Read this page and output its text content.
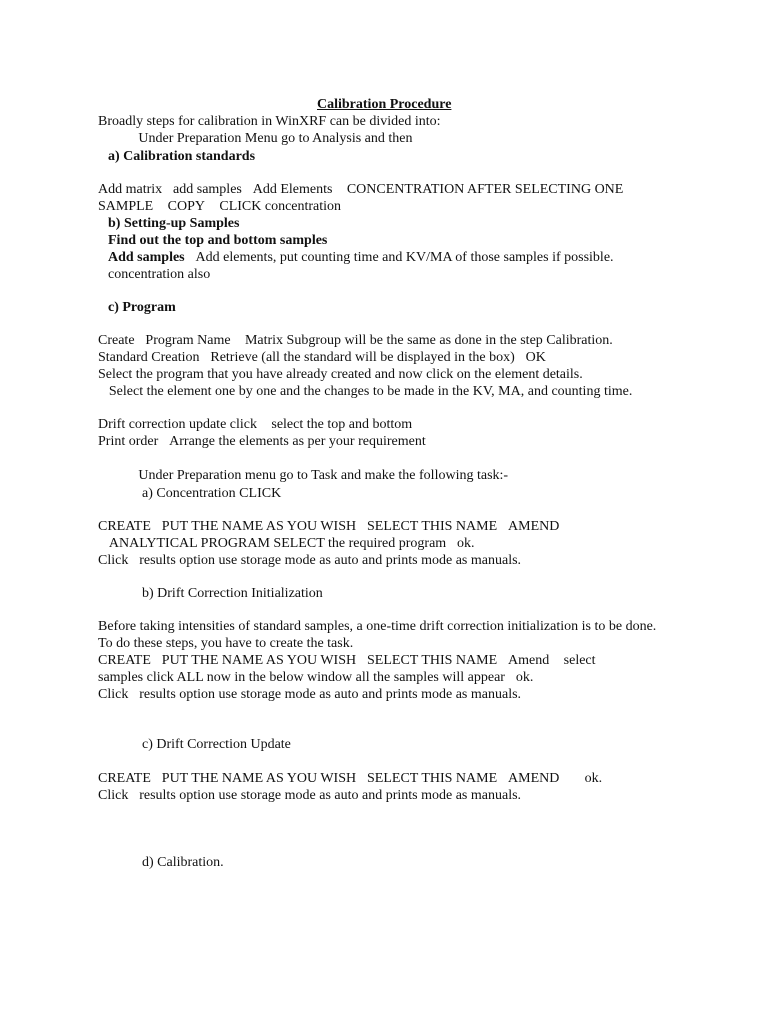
Calibration Procedure
Broadly steps for calibration in WinXRF can be divided into:
Under Preparation Menu go to Analysis and then
a) Calibration standards
Add matrix add samples Add Elements CONCENTRATION AFTER SELECTING ONE
SAMPLE COPY CLICK concentration
b) Setting-up Samples
Find out the top and bottom samples
Add samples Add elements, put counting time and KV/MA of those samples if possible.
concentration also
c) Program
Create Program Name Matrix Subgroup will be the same as done in the step Calibration.
Standard Creation Retrieve (all the standard will be displayed in the box) OK
Select the program that you have already created and now click on the element details.
Select the element one by one and the changes to be made in the KV, MA, and counting time.
Drift correction update click select the top and bottom
Print order Arrange the elements as per your requirement
Under Preparation menu go to Task and make the following task:-
a) Concentration CLICK
CREATE PUT THE NAME AS YOU WISH SELECT THIS NAME AMEND
ANALYTICAL PROGRAM SELECT the required program ok.
Click results option use storage mode as auto and prints mode as manuals.
b) Drift Correction Initialization
Before taking intensities of standard samples, a one-time drift correction initialization is to be done.
To do these steps, you have to create the task.
CREATE PUT THE NAME AS YOU WISH SELECT THIS NAME Amend select
samples click ALL now in the below window all the samples will appear ok.
Click results option use storage mode as auto and prints mode as manuals.
c) Drift Correction Update
CREATE PUT THE NAME AS YOU WISH SELECT THIS NAME AMEND ok.
Click results option use storage mode as auto and prints mode as manuals.
d) Calibration.
